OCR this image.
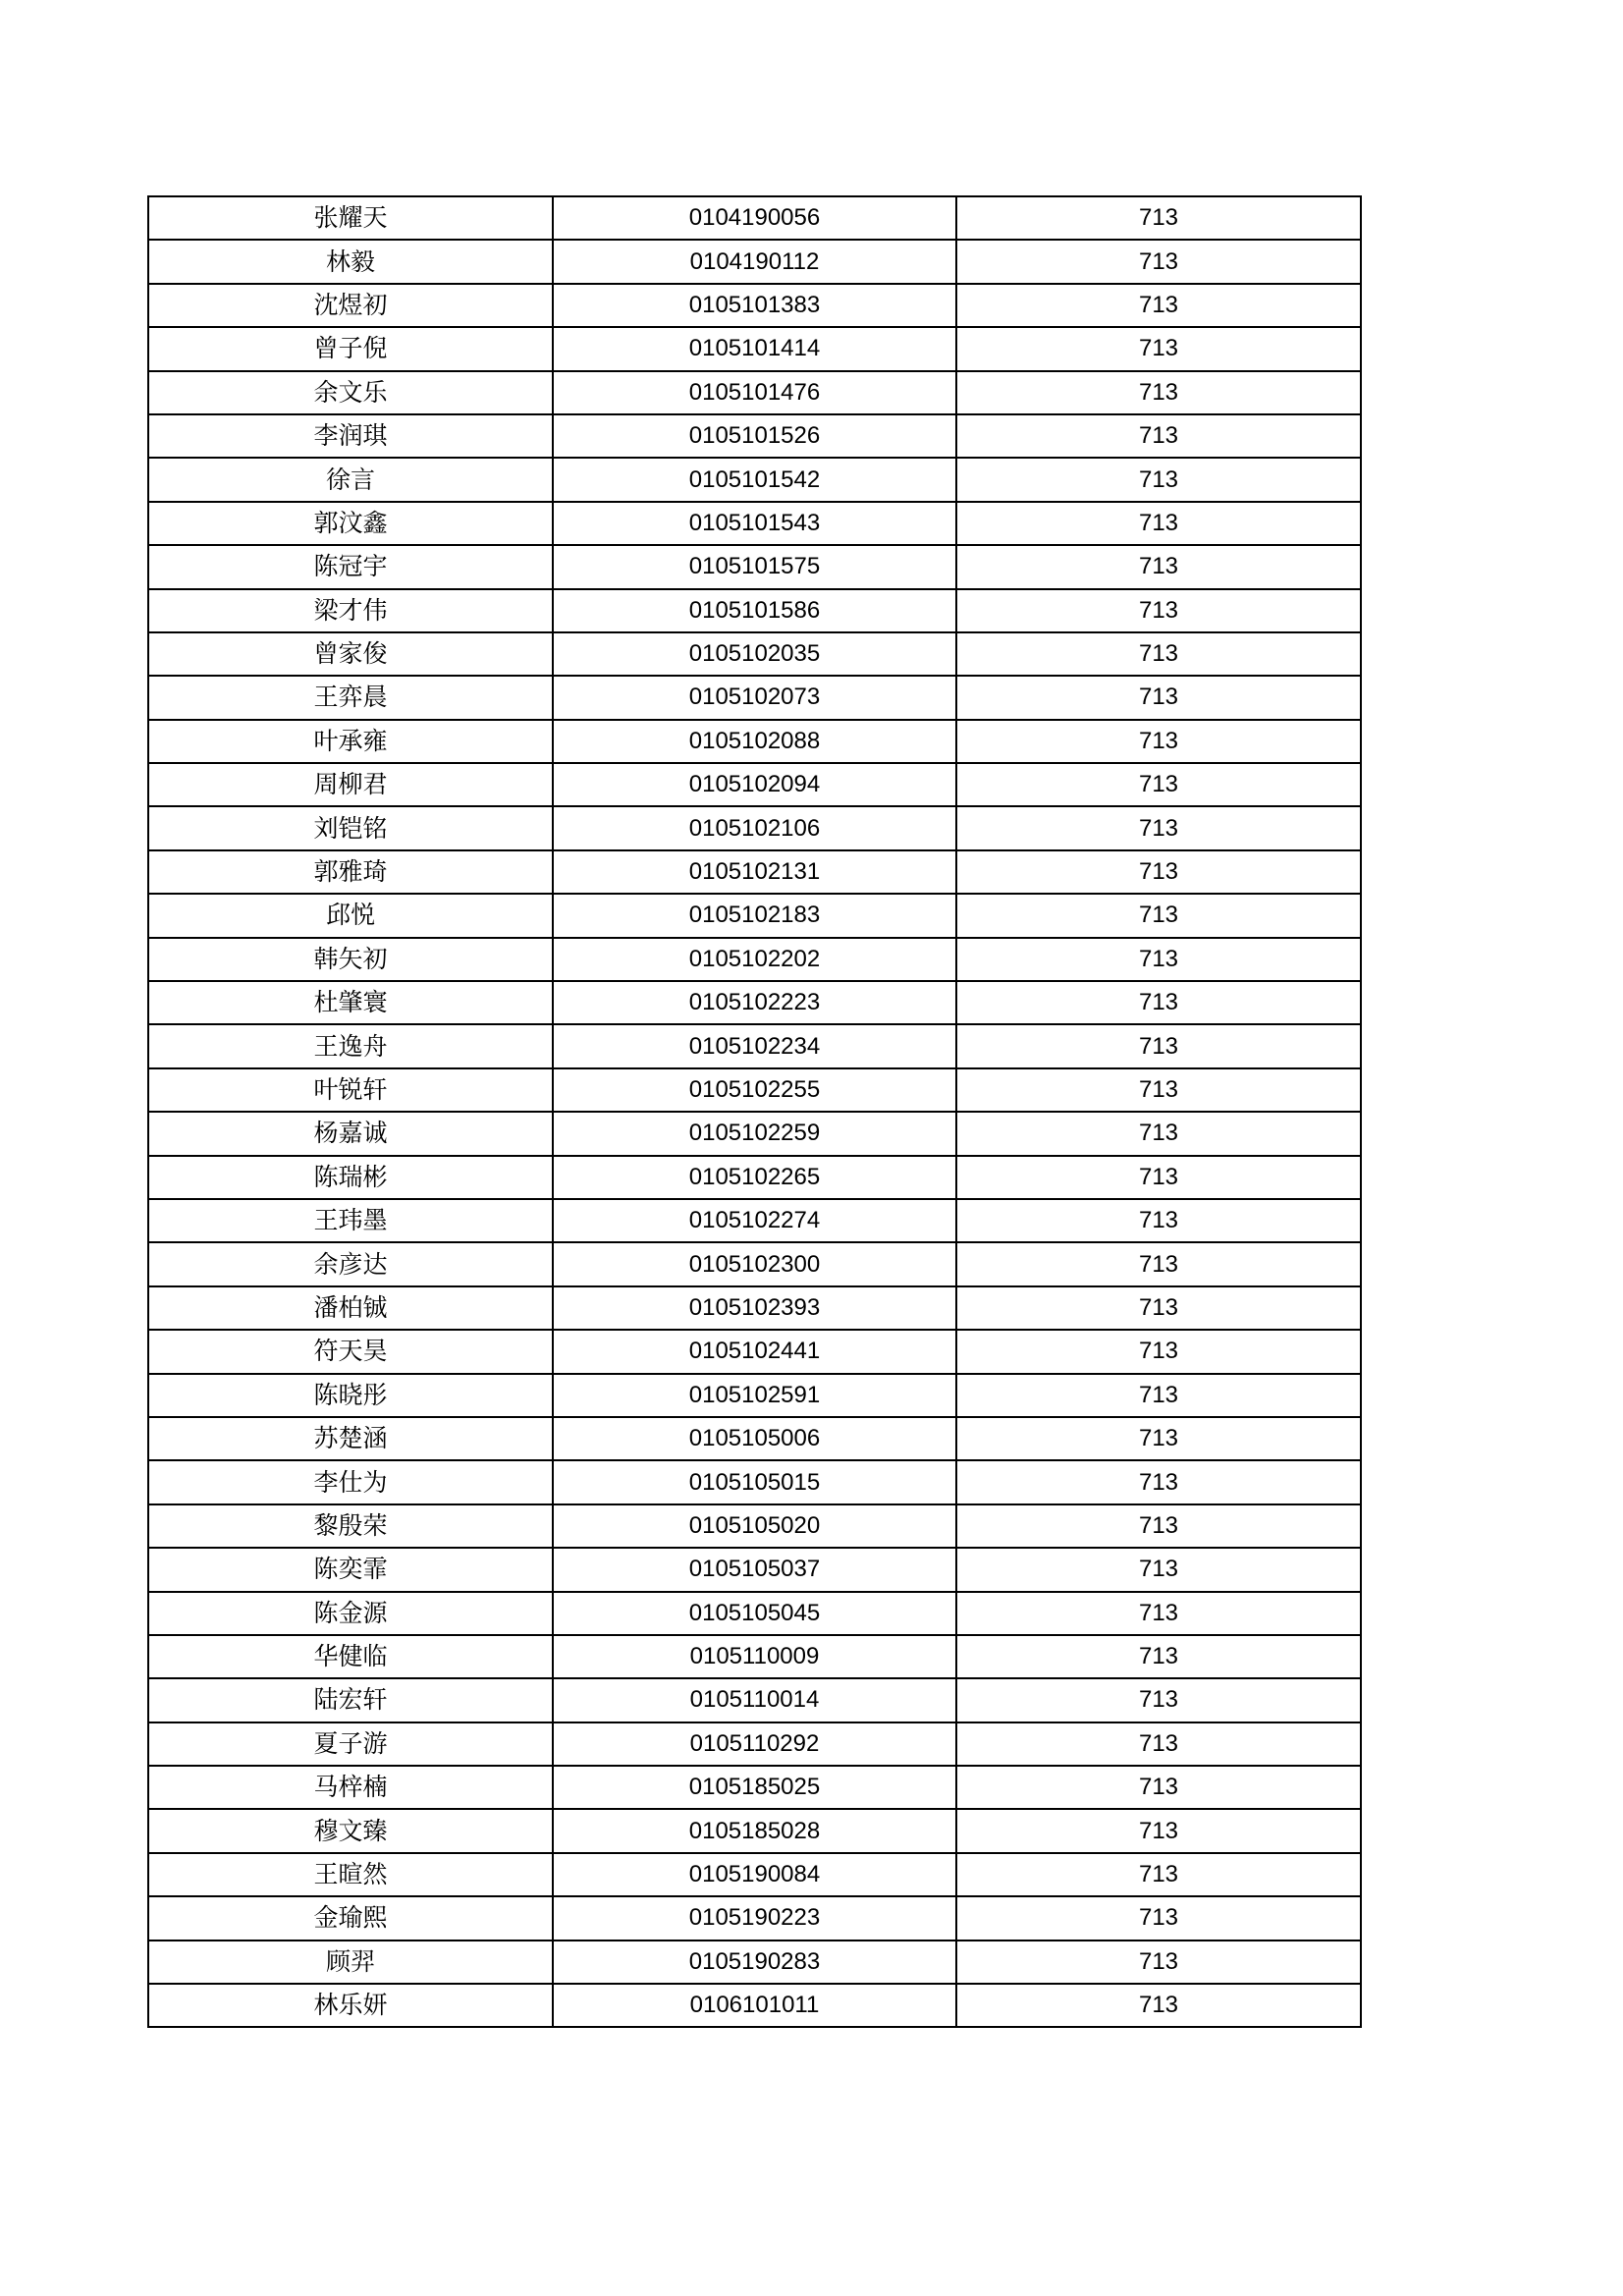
张耀天	0104190056	713
林毅	0104190112	713
沈煜初	0105101383	713
曾子倪	0105101414	713
余文乐	0105101476	713
李润琪	0105101526	713
徐言	0105101542	713
郭汶鑫	0105101543	713
陈冠宇	0105101575	713
梁才伟	0105101586	713
曾家俊	0105102035	713
王弈晨	0105102073	713
叶承雍	0105102088	713
周柳君	0105102094	713
刘铠铭	0105102106	713
郭雅琦	0105102131	713
邱悦	0105102183	713
韩矢初	0105102202	713
杜肇寰	0105102223	713
王逸舟	0105102234	713
叶锐轩	0105102255	713
杨嘉诚	0105102259	713
陈瑞彬	0105102265	713
王玮墨	0105102274	713
余彦达	0105102300	713
潘柏铖	0105102393	713
符天昊	0105102441	713
陈晓彤	0105102591	713
苏楚涵	0105105006	713
李仕为	0105105015	713
黎殷荣	0105105020	713
陈奕霏	0105105037	713
陈金源	0105105045	713
华健临	0105110009	713
陆宏轩	0105110014	713
夏子游	0105110292	713
马梓楠	0105185025	713
穆文臻	0105185028	713
王暄然	0105190084	713
金瑜熙	0105190223	713
顾羿	0105190283	713
林乐妍	0106101011	713
